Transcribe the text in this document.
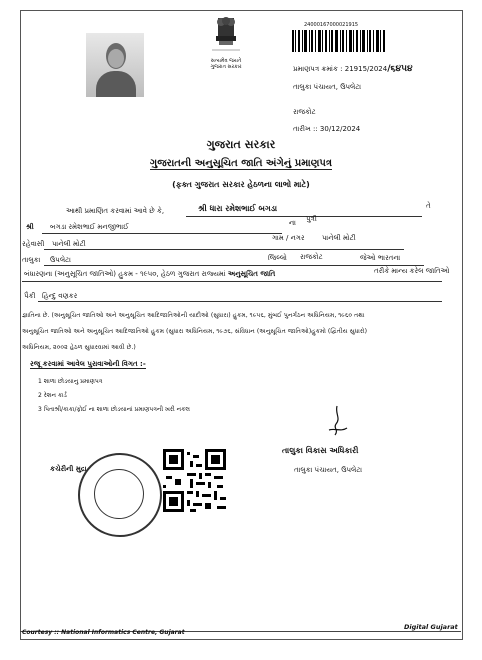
સત્યમેવ જયતે
ગુજરાત સરકાર
24000167000021915
પ્રમાણપત્ર ક્રમાંક : 21915/2024/૬૪૫૪
તાલુકા પંચાયત, ઉપલેટા
રાજકોટ
તારીખ :: 30/12/2024
ગુજરાત સરકાર
ગુજરાતની અનુસૂચિત જાતિ અંગેનું પ્રમાણપત્ર
(ફક્ત ગુજરાત સરકાર હેઠળના લાભો માટે)
આથી પ્રમાણિત કરવામાં આવે છે કે,	શ્રી ધારા રમેશભાઈ બગડા	તે
શ્રી બગડા રમેશભાઈ મનજીભાઈ	ના પુત્રી
રહેવાસી પાનેલી મોટી
ગામ / નગર પાનેલી મોટી
તાલુકા ઉપલેટા	જિલ્લો રાજકોટ	જેઓ ભારતના
બંધારણના (અનુસૂચિત જાતિઓ) હુકમ - ૧૯૫૦, હેઠળ ગુજરાત રાજ્યમાં અનુસૂચિત જાતિ	તરીકે માન્ય કરેલ જાતિઓ
પૈકી હિન્દુ વણકર
જ્ઞાતિના છે. (અનુસૂચિત જાતિઓ અને અનુસૂચિત આદિજાતિઓની યાદીઓ (સુધારા) હુકમ, ૧૯૫૬, મુંબઈ પુનર્ગઠન અધિનિયમ, ૧૯૬૦ તથા
અનુસૂચિત જાતિઓ અને અનુસૂચિત આદિજાતિઓ હુકમ (સુધારા અધિનિયમ, ૧૯૭૬, સંવિધાન (અનુસૂચિત જાતિઓ)હુકમો (દ્વિતીય સુધારો)
અધિનિયમ, ૨૦૦૨ હેઠળ સુધારવામાં આવી છે.)
રજૂ કરવામાં આવેલ પુરાવાઓની વિગત :-
1 શાળા છોડયાનુ પ્રમાણપત્ર
2 રેશન કાર્ડ
3 પિતાશ્રી/કાકા/ફોઈ ના શાળા છોડયાનાં પ્રમાણપત્રની ખરી નકલ
તાલુકા વિકાસ અધિકારી
તાલુકા પંચાયત, ઉપલેટા
કચેરીની મુદ્રા
Courtesy :: National Informatics Centre, Gujarat
Digital Gujarat
